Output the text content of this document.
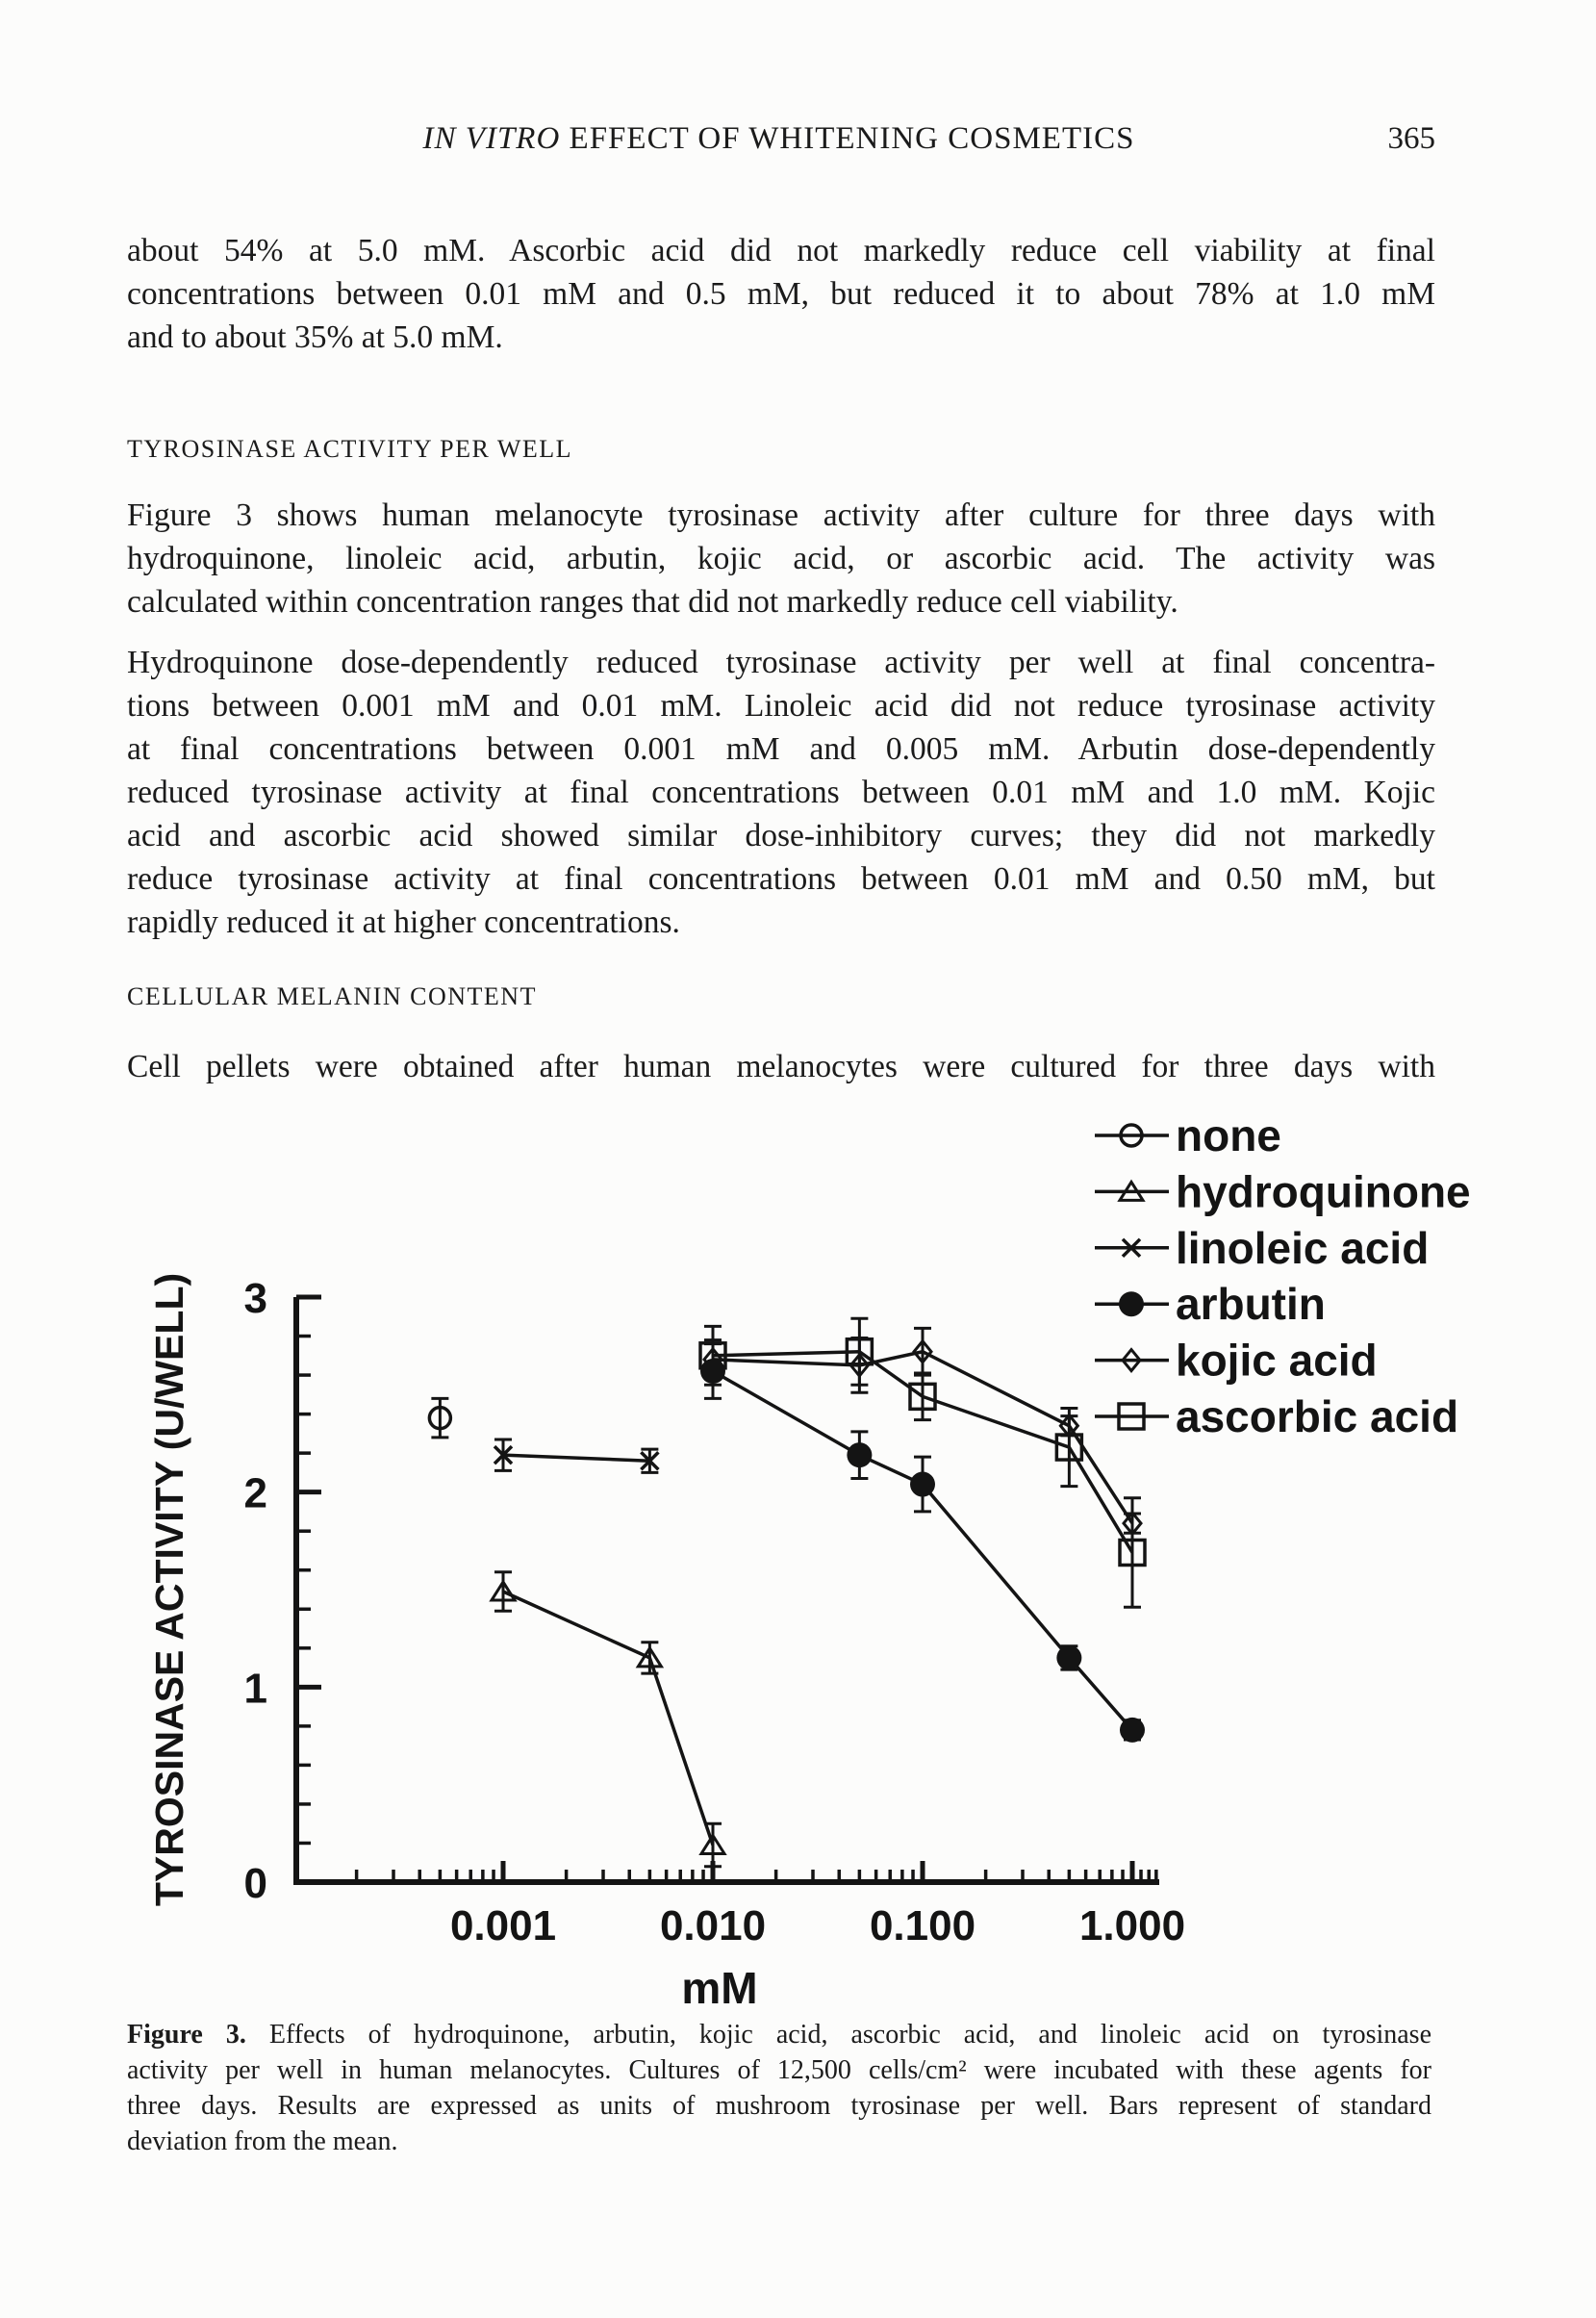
IN VITRO EFFECT OF WHITENING COSMETICS	365
about 54% at 5.0 mM. Ascorbic acid did not markedly reduce cell viability at final
concentrations between 0.01 mM and 0.5 mM, but reduced it to about 78% at 1.0 mM
and to about 35% at 5.0 mM.
TYROSINASE ACTIVITY PER WELL
Figure 3 shows human melanocyte tyrosinase activity after culture for three days with
hydroquinone, linoleic acid, arbutin, kojic acid, or ascorbic acid. The activity was
calculated within concentration ranges that did not markedly reduce cell viability.
Hydroquinone dose-dependently reduced tyrosinase activity per well at final concentra-
tions between 0.001 mM and 0.01 mM. Linoleic acid did not reduce tyrosinase activity
at final concentrations between 0.001 mM and 0.005 mM. Arbutin dose-dependently
reduced tyrosinase activity at final concentrations between 0.01 mM and 1.0 mM. Kojic
acid and ascorbic acid showed similar dose-inhibitory curves; they did not markedly
reduce tyrosinase activity at final concentrations between 0.01 mM and 0.50 mM, but
rapidly reduced it at higher concentrations.
CELLULAR MELANIN CONTENT
Cell pellets were obtained after human melanocytes were cultured for three days with
0
1
2
3
0.001 0.010 0.100 1.000
mM
TYROSINASE ACTIVITY (U/WELL)
none
hydroquinone
linoleic acid
arbutin
kojic acid
ascorbic acid
Figure 3. Effects of hydroquinone, arbutin, kojic acid, ascorbic acid, and linoleic acid on tyrosinase
activity per well in human melanocytes. Cultures of 12,500 cells/cm² were incubated with these agents for
three days. Results are expressed as units of mushroom tyrosinase per well. Bars represent of standard
deviation from the mean.
